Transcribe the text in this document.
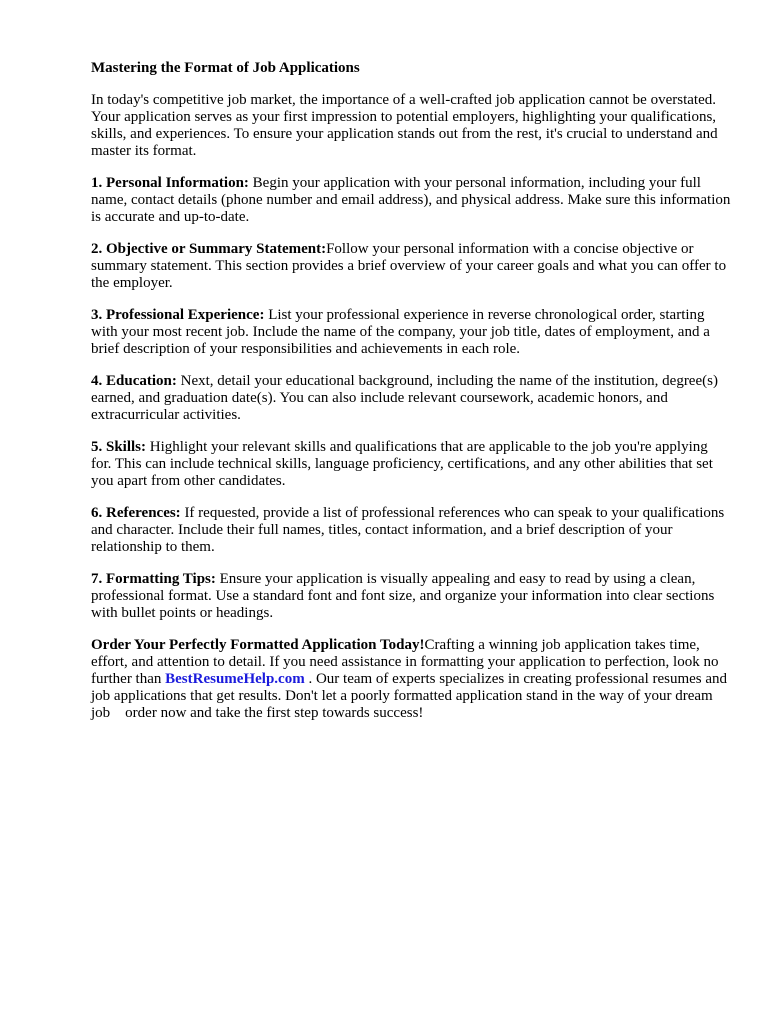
Mastering the Format of Job Applications

In today's competitive job market, the importance of a well-crafted job application cannot be overstated. Your application serves as your first impression to potential employers, highlighting your qualifications, skills, and experiences. To ensure your application stands out from the rest, it's crucial to understand and master its format.

1. Personal Information: Begin your application with your personal information, including your full name, contact details (phone number and email address), and physical address. Make sure this information is accurate and up-to-date.

2. Objective or Summary Statement:Follow your personal information with a concise objective or summary statement. This section provides a brief overview of your career goals and what you can offer to the employer.

3. Professional Experience: List your professional experience in reverse chronological order, starting with your most recent job. Include the name of the company, your job title, dates of employment, and a brief description of your responsibilities and achievements in each role.

4. Education: Next, detail your educational background, including the name of the institution, degree(s) earned, and graduation date(s). You can also include relevant coursework, academic honors, and extracurricular activities.

5. Skills: Highlight your relevant skills and qualifications that are applicable to the job you're applying for. This can include technical skills, language proficiency, certifications, and any other abilities that set you apart from other candidates.

6. References: If requested, provide a list of professional references who can speak to your qualifications and character. Include their full names, titles, contact information, and a brief description of your relationship to them.

7. Formatting Tips: Ensure your application is visually appealing and easy to read by using a clean, professional format. Use a standard font and font size, and organize your information into clear sections with bullet points or headings.

Order Your Perfectly Formatted Application Today!Crafting a winning job application takes time, effort, and attention to detail. If you need assistance in formatting your application to perfection, look no further than BestResumeHelp.com . Our team of experts specializes in creating professional resumes and job applications that get results. Don't let a poorly formatted application stand in the way of your dream job    order now and take the first step towards success!
